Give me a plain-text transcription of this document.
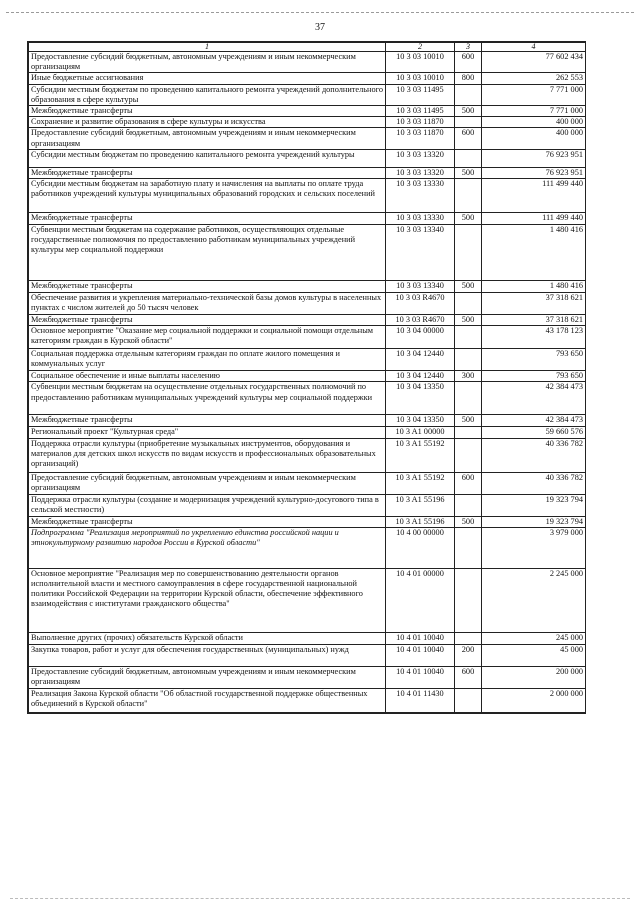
37
1	2	3	4
Предоставление субсидий бюджетным, автономным учреждениям и иным некоммерческим организациям	10 3 03 10010	600	77 602 434
Иные бюджетные ассигнования	10 3 03 10010	800	262 553
Субсидии местным бюджетам по проведению капитального ремонта учреждений дополнительного образования в сфере культуры	10 3 03 11495		7 771 000
Межбюджетные трансферты	10 3 03 11495	500	7 771 000
Сохранение и развитие образования в сфере культуры и искусства	10 3 03 11870		400 000
Предоставление субсидий бюджетным, автономным учреждениям и иным некоммерческим организациям	10 3 03 11870	600	400 000
Субсидии местным бюджетам по проведению капитального ремонта учреждений культуры	10 3 03 13320		76 923 951
Межбюджетные трансферты	10 3 03 13320	500	76 923 951
Субсидии местным бюджетам на заработную плату и начисления на выплаты по оплате труда работников учреждений культуры муниципальных образований городских и сельских поселений	10 3 03 13330		111 499 440
Межбюджетные трансферты	10 3 03 13330	500	111 499 440
Субвенции местным бюджетам на содержание работников, осуществляющих отдельные государственные полномочия по предоставлению работникам муниципальных учреждений культуры мер социальной поддержки	10 3 03 13340		1 480 416
Межбюджетные трансферты	10 3 03 13340	500	1 480 416
Обеспечение развития и укрепления материально-технической базы домов культуры в населенных пунктах с числом жителей до 50 тысяч человек	10 3 03 R4670		37 318 621
Межбюджетные трансферты	10 3 03 R4670	500	37 318 621
Основное мероприятие "Оказание мер социальной поддержки и социальной помощи отдельным категориям граждан в Курской области"	10 3 04 00000		43 178 123
Социальная поддержка отдельным категориям граждан по оплате жилого помещения и коммунальных услуг	10 3 04 12440		793 650
Социальное обеспечение и иные выплаты населению	10 3 04 12440	300	793 650
Субвенции местным бюджетам на осуществление отдельных государственных полномочий по предоставлению работникам муниципальных учреждений культуры мер социальной поддержки	10 3 04 13350		42 384 473
Межбюджетные трансферты	10 3 04 13350	500	42 384 473
Региональный проект "Культурная среда"	10 3 A1 00000		59 660 576
Поддержка отрасли культуры (приобретение музыкальных инструментов, оборудования и материалов для детских школ искусств по видам искусств и профессиональных образовательных организаций)	10 3 A1 55192		40 336 782
Предоставление субсидий бюджетным, автономным учреждениям и иным некоммерческим организациям	10 3 A1 55192	600	40 336 782
Поддержка отрасли культуры (создание и модернизация учреждений культурно-досугового типа в сельской местности)	10 3 A1 55196		19 323 794
Межбюджетные трансферты	10 3 A1 55196	500	19 323 794
Подпрограмма "Реализация мероприятий по укреплению единства российской нации и этнокультурному развитию народов России в Курской области"	10 4 00 00000		3 979 000
Основное мероприятие "Реализация мер по совершенствованию деятельности органов исполнительной власти и местного самоуправления в сфере государственной национальной политики Российской Федерации на территории Курской области, обеспечение эффективного взаимодействия с институтами гражданского общества"	10 4 01 00000		2 245 000
Выполнение других (прочих) обязательств Курской области	10 4 01 10040		245 000
Закупка товаров, работ и услуг для обеспечения государственных (муниципальных) нужд	10 4 01 10040	200	45 000
Предоставление субсидий бюджетным, автономным учреждениям и иным некоммерческим организациям	10 4 01 10040	600	200 000
Реализация Закона Курской области "Об областной государственной поддержке общественных объединений в Курской области"	10 4 01 11430		2 000 000
